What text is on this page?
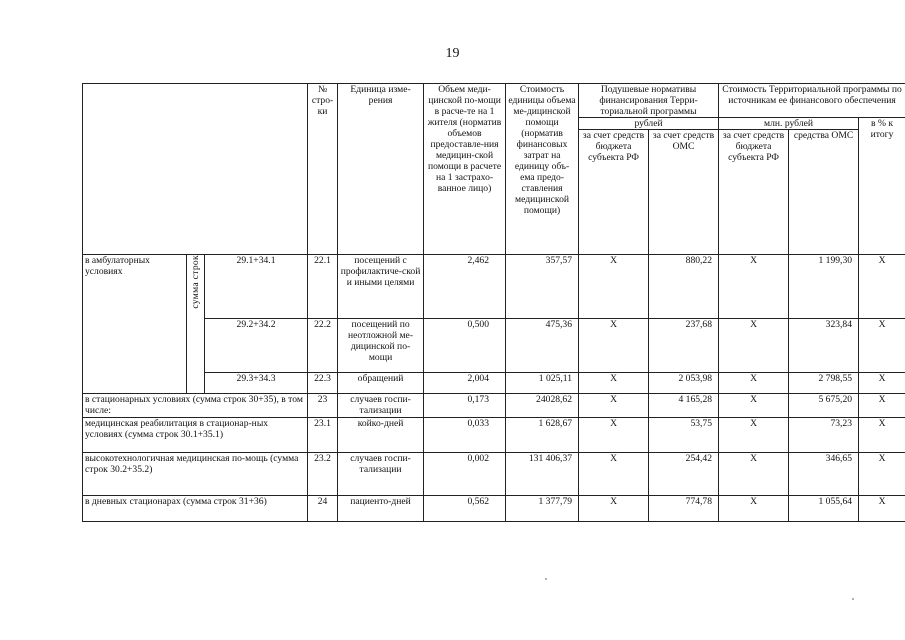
19
			№ стро-ки	Единица изме-рения	Объем меди-цинской по-мощи в расче-те на 1 жителя (норматив объемов предоставле-ния медицин-ской помощи в расчете на 1 застрахо-ванное лицо)	Стоимость единицы объема ме-дицинской помощи (норматив финансовых затрат на единицу объ-ема предо-ставления медицинской помощи)	Подушевые нормативы финансирования Терри-ториальной программы		Стоимость Территориальной программы по источникам ее финансового обеспечения		
							рублей		млн. рублей		в % к итогу
							за счет средств бюджета субъекта РФ	за счет средств ОМС	за счет средств бюджета субъекта РФ	средства ОМС	
в амбулаторных условиях	сумма строк	29.1+34.1	22.1	посещений с профилактиче-ской и иными целями	2,462	357,57	X	880,22	X	1 199,30	X
		29.2+34.2	22.2	посещений по неотложной ме-дицинской по-мощи	0,500	475,36	X	237,68	X	323,84	X
		29.3+34.3	22.3	обращений	2,004	1 025,11	X	2 053,98	X	2 798,55	X
в стационарных условиях (сумма строк 30+35), в том числе:			23	случаев госпи-тализации	0,173	24028,62	X	4 165,28	X	5 675,20	X
медицинская реабилитация в стационар-ных условиях (сумма строк 30.1+35.1)			23.1	койко-дней	0,033	1 628,67	X	53,75	X	73,23	X
высокотехнологичная медицинская по-мощь (сумма строк 30.2+35.2)			23.2	случаев госпи-тализации	0,002	131 406,37	X	254,42	X	346,65	X
в дневных стационарах (сумма строк 31+36)			24	пациенто-дней	0,562	1 377,79	X	774,78	X	1 055,64	X
